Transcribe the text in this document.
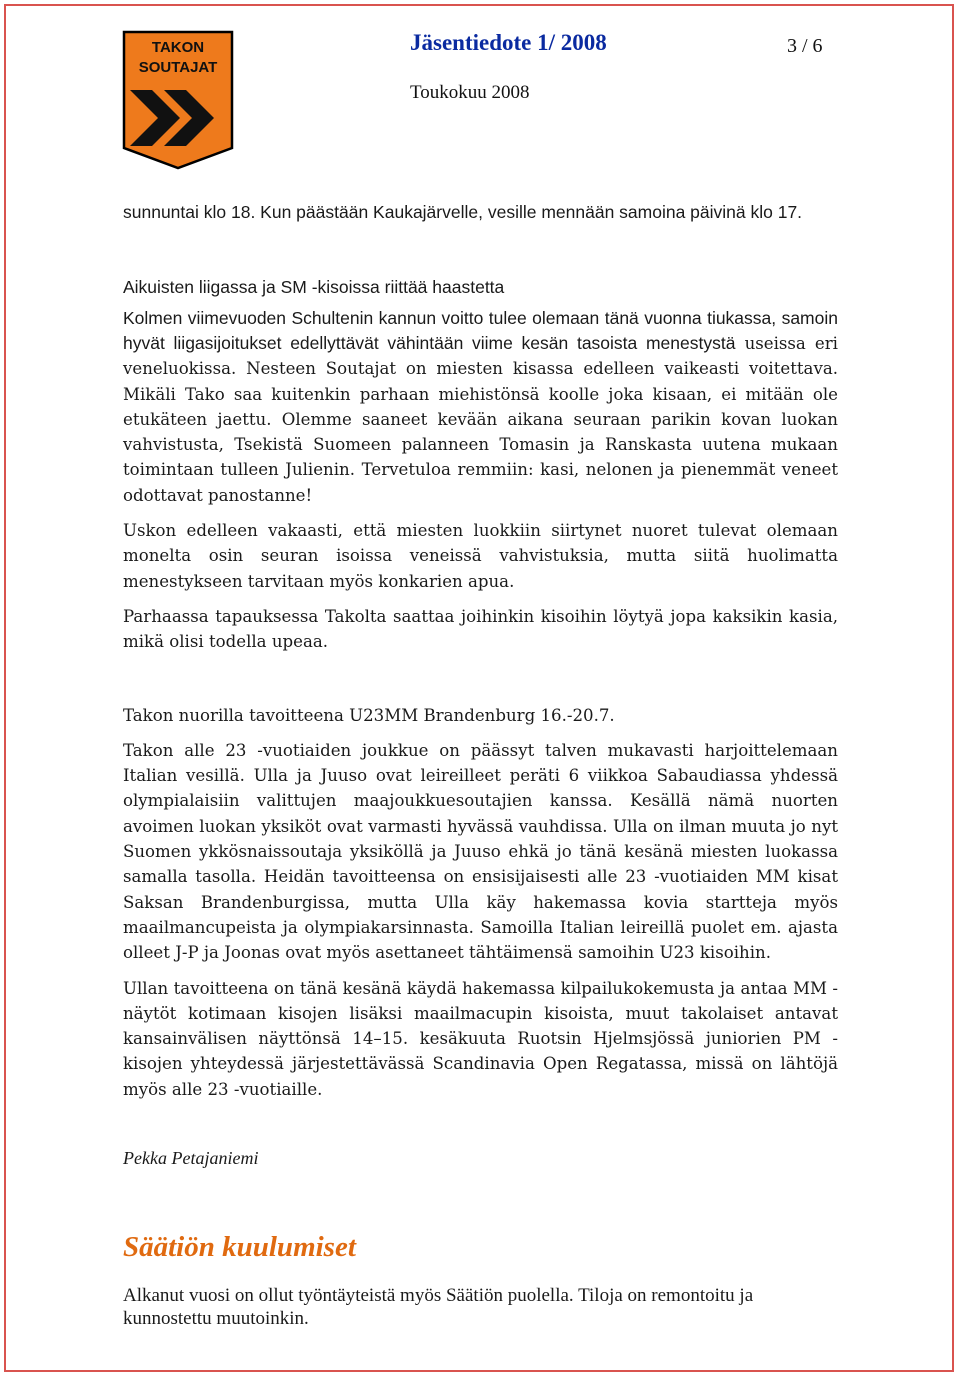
TAKON
SOUTAJAT
Jäsentiedote 1/ 2008	3 / 6
Toukokuu 2008

sunnuntai klo 18. Kun päästään Kaukajärvelle, vesille mennään samoina päivinä klo 17.

Aikuisten liigassa ja SM -kisoissa riittää haastetta

Kolmen viimevuoden Schultenin kannun voitto tulee olemaan tänä vuonna tiukassa, samoin hyvät liigasijoitukset edellyttävät vähintään viime kesän tasoista menestystä useissa eri veneluokissa. Nesteen Soutajat on miesten kisassa edelleen vaikeasti voitettava. Mikäli Tako saa kuitenkin parhaan miehistönsä koolle joka kisaan, ei mitään ole etukäteen jaettu. Olemme saaneet kevään aikana seuraan parikin kovan luokan vahvistusta, Tsekistä Suomeen palanneen Tomasin ja Ranskasta uutena mukaan toimintaan tulleen Julienin. Tervetuloa remmiin: kasi, nelonen ja pienemmät veneet odottavat panostanne!

Uskon edelleen vakaasti, että miesten luokkiin siirtynet nuoret tulevat olemaan monelta osin seuran isoissa veneissä vahvistuksia, mutta siitä huolimatta menestykseen tarvitaan myös konkarien apua.

Parhaassa tapauksessa Takolta saattaa joihinkin kisoihin löytyä jopa kaksikin kasia, mikä olisi todella upeaa.

Takon nuorilla tavoitteena U23MM Brandenburg 16.-20.7.

Takon alle 23 -vuotiaiden joukkue on päässyt talven mukavasti harjoittelemaan Italian vesillä. Ulla ja Juuso ovat leireilleet peräti 6 viikkoa Sabaudiassa yhdessä olympialaisiin valittujen maajoukkuesoutajien kanssa. Kesällä nämä nuorten avoimen luokan yksiköt ovat varmasti hyvässä vauhdissa. Ulla on ilman muuta jo nyt Suomen ykkösnaissoutaja yksiköllä ja Juuso ehkä jo tänä kesänä miesten luokassa samalla tasolla. Heidän tavoitteensa on ensisijaisesti alle 23 -vuotiaiden MM kisat Saksan Brandenburgissa, mutta Ulla käy hakemassa kovia startteja myös maailmancupeista ja olympiakarsinnasta. Samoilla Italian leireillä puolet em. ajasta olleet J-P ja Joonas ovat myös asettaneet tähtäimensä samoihin U23 kisoihin.

Ullan tavoitteena on tänä kesänä käydä hakemassa kilpailukokemusta ja antaa MM -näytöt kotimaan kisojen lisäksi maailmacupin kisoista, muut takolaiset antavat kansainvälisen näyttönsä 14–15. kesäkuuta Ruotsin Hjelmsjössä juniorien PM -kisojen yhteydessä järjestettävässä Scandinavia Open Regatassa, missä on lähtöjä myös alle 23 -vuotiaille.

Pekka Petajaniemi

Säätiön kuulumiset

Alkanut vuosi on ollut työntäyteistä myös Säätiön puolella. Tiloja on remontoitu ja kunnostettu muutoinkin.
